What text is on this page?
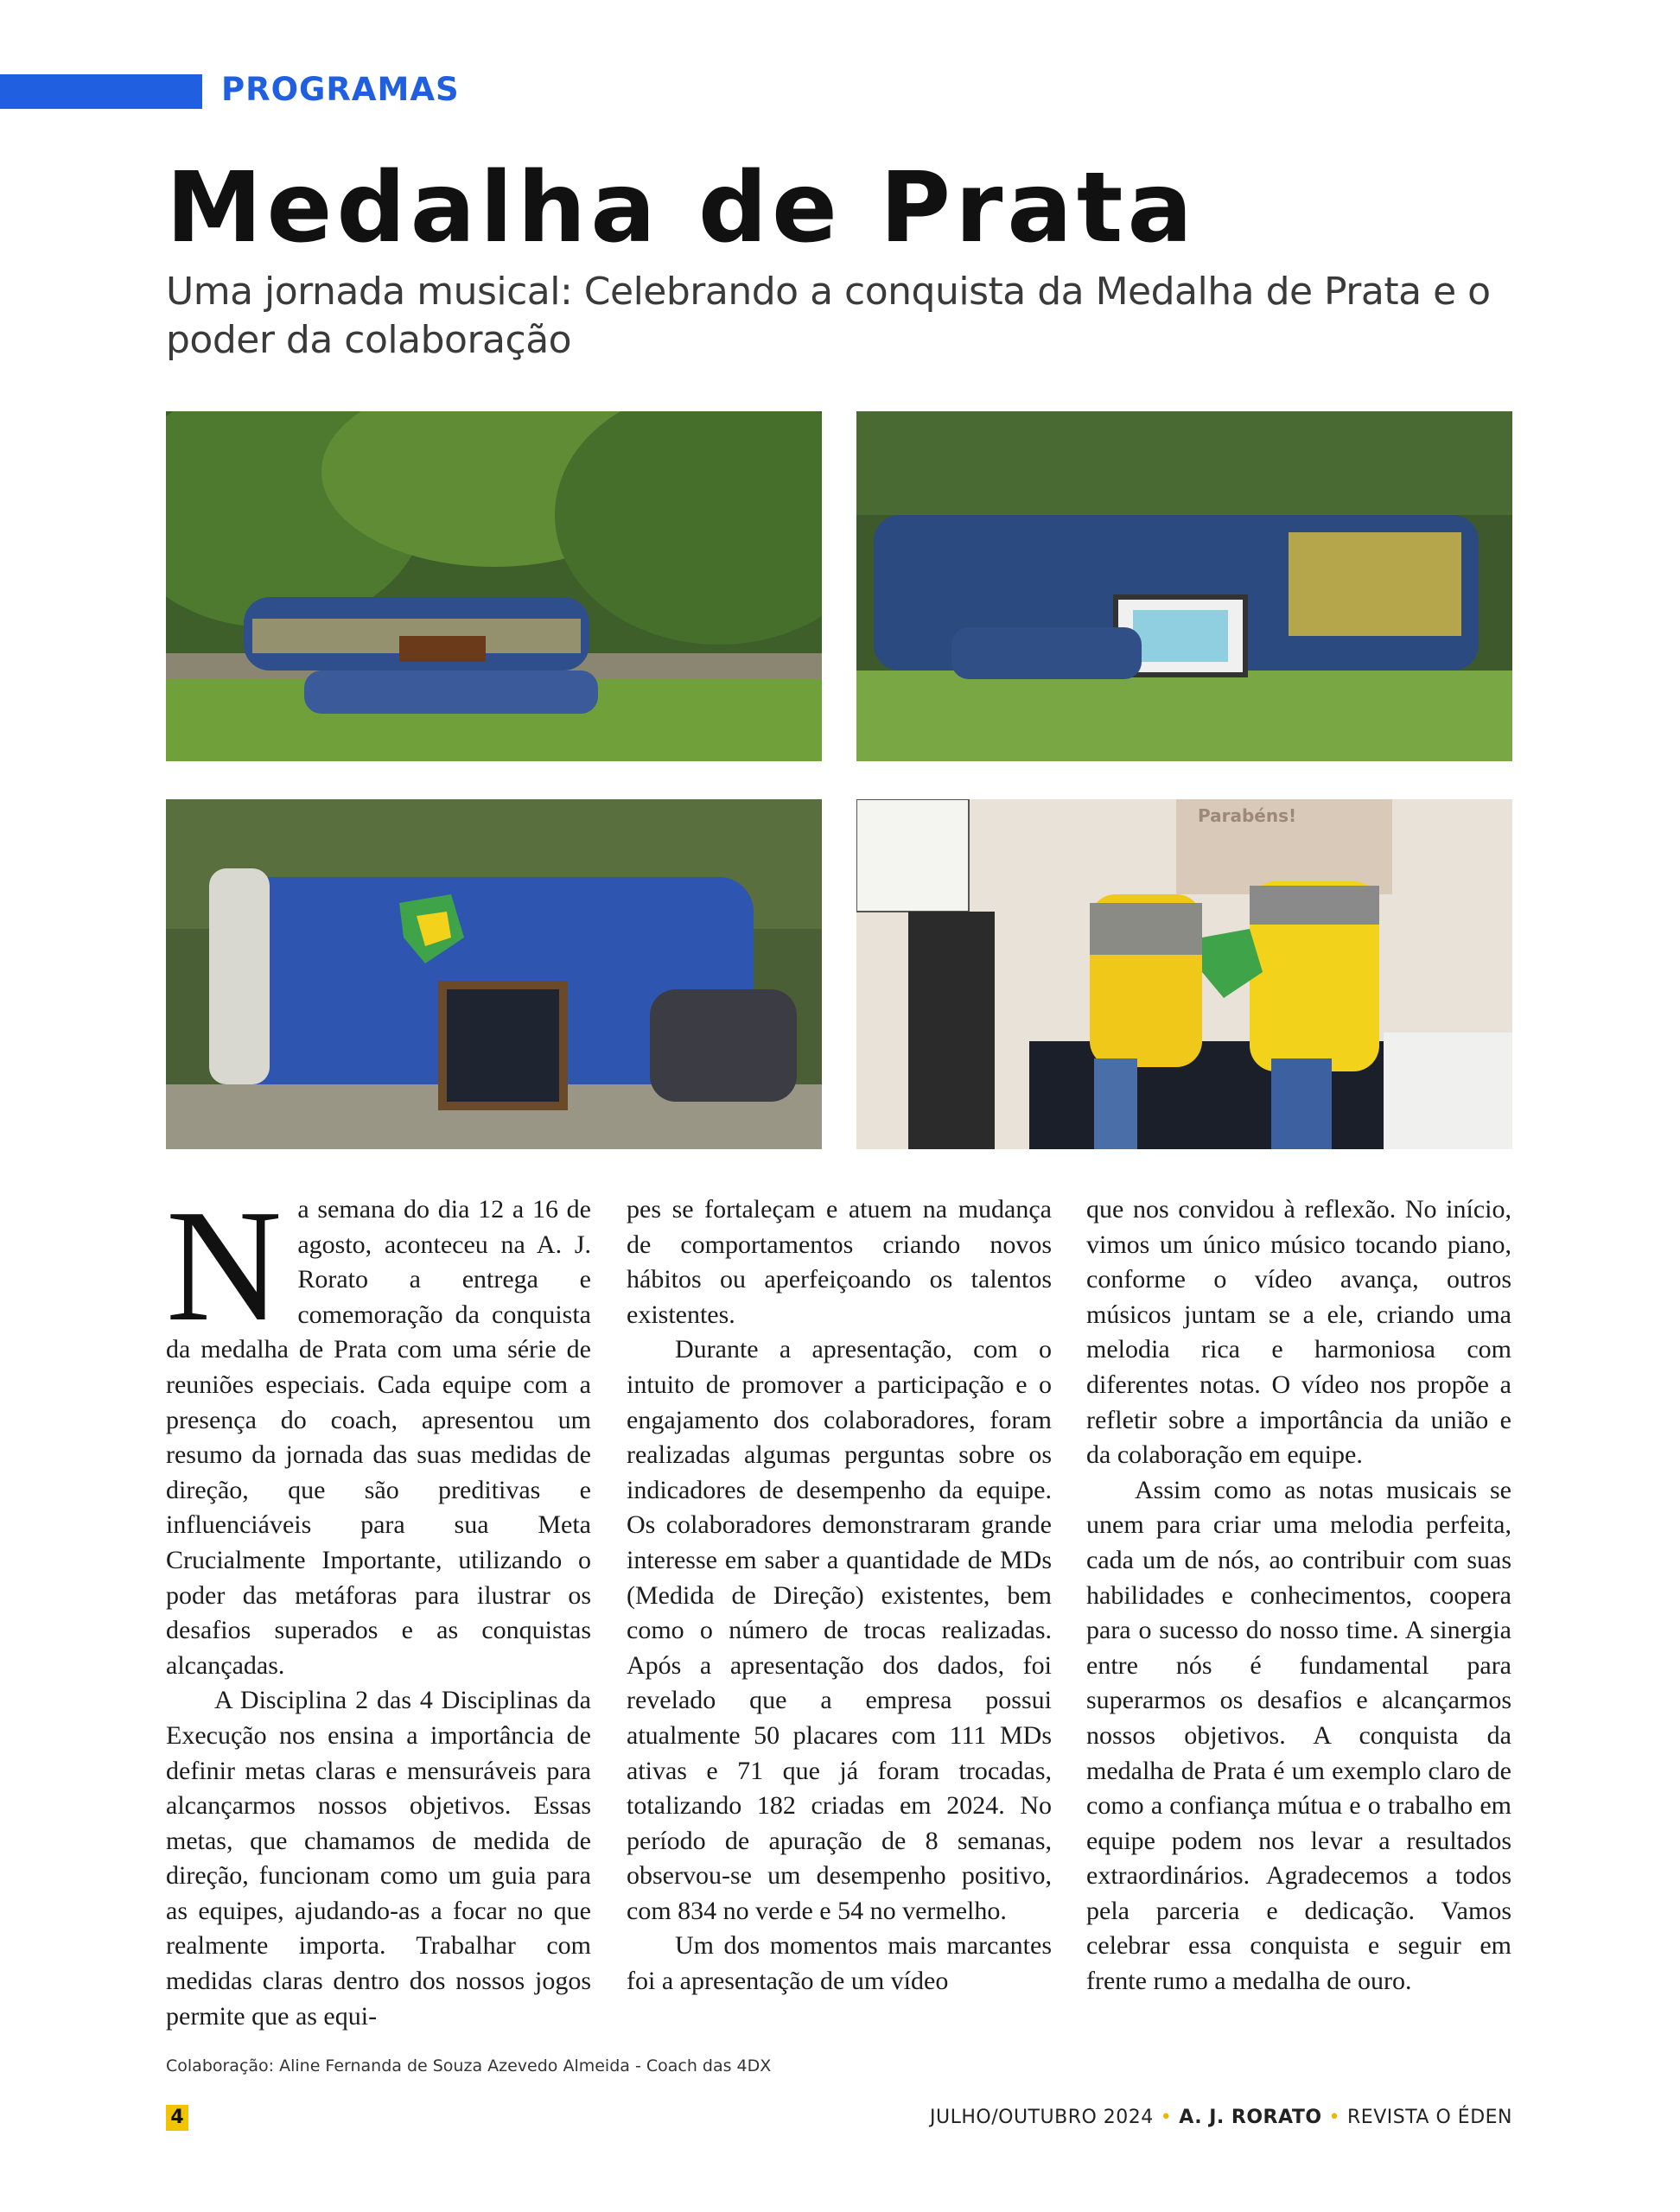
PROGRAMAS
Medalha de Prata

Uma jornada musical: Celebrando a conquista da Medalha de Prata e o poder da colaboração

Parabéns!

Na semana do dia 12 a 16 de agosto, aconteceu na A. J. Rorato a entrega e comemoração da conquista da medalha de Prata com uma série de reuniões especiais. Cada equipe com a presença do coach, apresentou um resumo da jornada das suas medidas de direção, que são preditivas e influenciáveis para sua Meta Crucialmente Importante, utilizando o poder das metáforas para ilustrar os desafios superados e as conquistas alcançadas.

A Disciplina 2 das 4 Disciplinas da Execução nos ensina a importância de definir metas claras e mensuráveis para alcançarmos nossos objetivos. Essas metas, que chamamos de medida de direção, funcionam como um guia para as equipes, ajudando-as a focar no que realmente importa. Trabalhar com medidas claras dentro dos nossos jogos permite que as equi-

pes se fortaleçam e atuem na mudança de comportamentos criando novos hábitos ou aperfeiçoando os talentos existentes.

Durante a apresentação, com o intuito de promover a participação e o engajamento dos colaboradores, foram realizadas algumas perguntas sobre os indicadores de desempenho da equipe. Os colaboradores demonstraram grande interesse em saber a quantidade de MDs (Medida de Direção) existentes, bem como o número de trocas realizadas. Após a apresentação dos dados, foi revelado que a empresa possui atualmente 50 placares com 111 MDs ativas e 71 que já foram trocadas, totalizando 182 criadas em 2024. No período de apuração de 8 semanas, observou-se um desempenho positivo, com 834 no verde e 54 no vermelho.

Um dos momentos mais marcantes foi a apresentação de um vídeo

que nos convidou à reflexão. No início, vimos um único músico tocando piano, conforme o vídeo avança, outros músicos juntam se a ele, criando uma melodia rica e harmoniosa com diferentes notas. O vídeo nos propõe a refletir sobre a importância da união e da colaboração em equipe.

Assim como as notas musicais se unem para criar uma melodia perfeita, cada um de nós, ao contribuir com suas habilidades e conhecimentos, coopera para o sucesso do nosso time. A sinergia entre nós é fundamental para superarmos os desafios e alcançarmos nossos objetivos. A conquista da medalha de Prata é um exemplo claro de como a confiança mútua e o trabalho em equipe podem nos levar a resultados extraordinários. Agradecemos a todos pela parceria e dedicação. Vamos celebrar essa conquista e seguir em frente rumo a medalha de ouro.

Colaboração: Aline Fernanda de Souza Azevedo Almeida - Coach das 4DX
4	JULHO/OUTUBRO 2024 • A. J. RORATO • REVISTA O ÉDEN
